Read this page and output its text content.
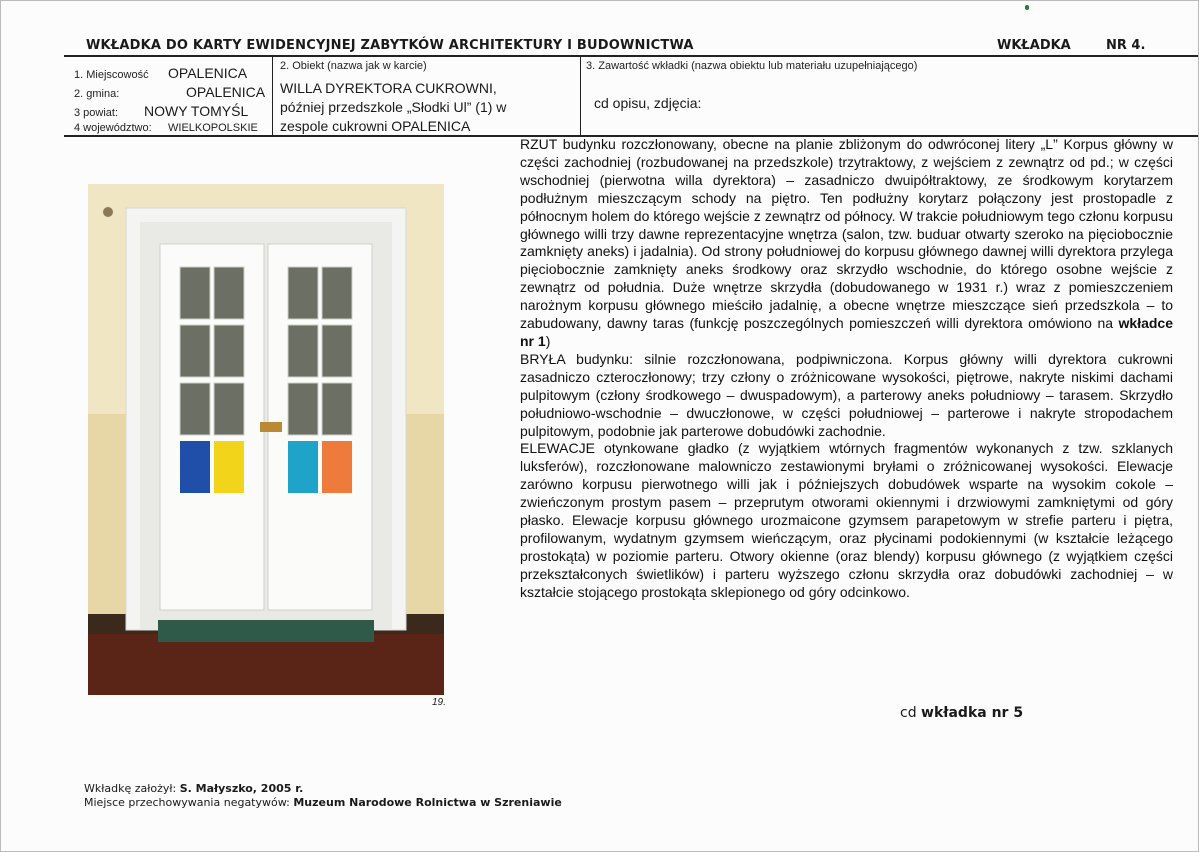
WKŁADKA DO KARTY EWIDENCYJNEJ ZABYTKÓW ARCHITEKTURY I BUDOWNICTWA	WKŁADKA	NR 4.
1. Miejscowość OPALENICA
2. gmina:	OPALENICA
3 powiat: NOWY TOMYŚL
4 województwo: WIELKOPOLSKIE
2. Obiekt (nazwa jak w karcie)
WILLA DYREKTORA CUKROWNI,
później przedszkole „Słodki Ul” (1) w
zespole cukrowni OPALENICA
3. Zawartość wkładki (nazwa obiektu lub materiału uzupełniającego)
cd opisu, zdjęcia:
19.

RZUT budynku rozczłonowany, obecne na planie zbliżonym do odwróconej litery „L” Korpus główny w części zachodniej (rozbudowanej na przedszkole) trzytraktowy, z wejściem z zewnątrz od pd.; w części wschodniej (pierwotna willa dyrektora) – zasadniczo dwuipółtraktowy, ze środkowym korytarzem podłużnym mieszczącym schody na piętro. Ten podłużny korytarz połączony jest prostopadle z północnym holem do którego wejście z zewnątrz od północy. W trakcie południowym tego członu korpusu głównego willi trzy dawne reprezentacyjne wnętrza (salon, tzw. buduar otwarty szeroko na pięciobocznie zamknięty aneks) i jadalnia). Od strony południowej do korpusu głównego dawnej willi dyrektora przylega pięciobocznie zamknięty aneks środkowy oraz skrzydło wschodnie, do którego osobne wejście z zewnątrz od południa. Duże wnętrze skrzydła (dobudowanego w 1931 r.) wraz z pomieszczeniem narożnym korpusu głównego mieściło jadalnię, a obecne wnętrze mieszczące sień przedszkola – to zabudowany, dawny taras (funkcję poszczególnych pomieszczeń willi dyrektora omówiono na wkładce nr 1)

BRYŁA budynku: silnie rozczłonowana, podpiwniczona. Korpus główny willi dyrektora cukrowni zasadniczo czteroczłonowy; trzy człony o zróżnicowane wysokości, piętrowe, nakryte niskimi dachami pulpitowym (człony środkowego – dwuspadowym), a parterowy aneks południowy – tarasem. Skrzydło południowo-wschodnie – dwuczłonowe, w części południowej – parterowe i nakryte stropodachem pulpitowym, podobnie jak parterowe dobudówki zachodnie.

ELEWACJE otynkowane gładko (z wyjątkiem wtórnych fragmentów wykonanych z tzw. szklanych luksferów), rozczłonowane malowniczo zestawionymi bryłami o zróżnicowanej wysokości. Elewacje zarówno korpusu pierwotnego willi jak i późniejszych dobudówek wsparte na wysokim cokole – zwieńczonym prostym pasem – przeprutym otworami okiennymi i drzwiowymi zamkniętymi od góry płasko. Elewacje korpusu głównego urozmaicone gzymsem parapetowym w strefie parteru i piętra, profilowanym, wydatnym gzymsem wieńczącym, oraz płycinami podokiennymi (w kształcie leżącego prostokąta) w poziomie parteru. Otwory okienne (oraz blendy) korpusu głównego (z wyjątkiem części przekształconych świetlików) i parteru wyższego członu skrzydła oraz dobudówki zachodniej – w kształcie stojącego prostokąta sklepionego od góry odcinkowo.

cd wkładka nr 5
Wkładkę założył: S. Małyszko, 2005 r.
Miejsce przechowywania negatywów: Muzeum Narodowe Rolnictwa w Szreniawie
